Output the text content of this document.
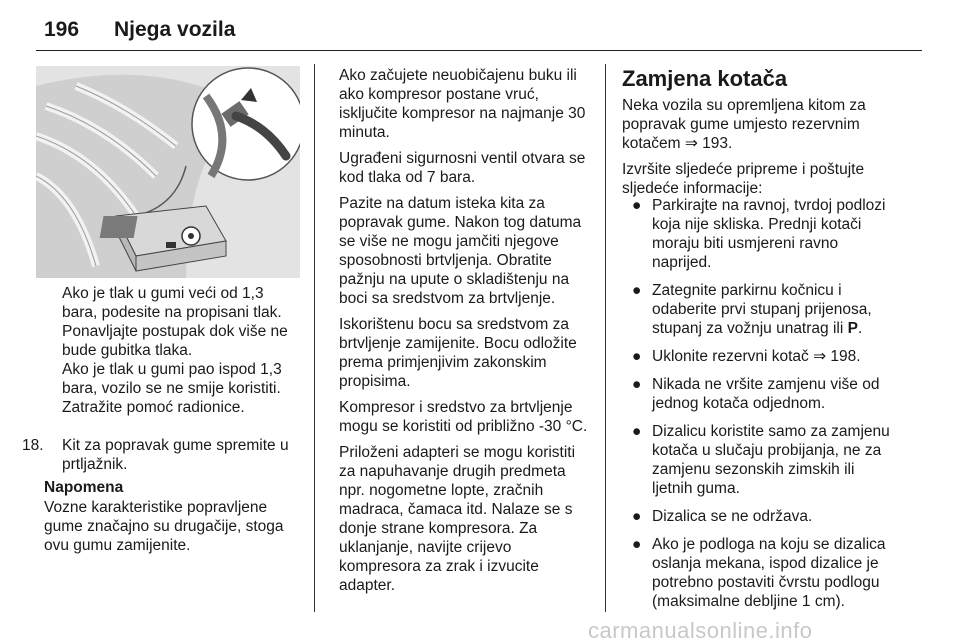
196 Njega vozila
Ako je tlak u gumi veći od 1,3 bara, podesite na propisani tlak. Ponavljajte postupak dok više ne bude gubitka tlaka.
Ako je tlak u gumi pao ispod 1,3 bara, vozilo se ne smije koristiti. Zatražite pomoć radionice.
18. Kit za popravak gume spremite u prtljažnik.
Napomena
Vozne karakteristike popravljene gume značajno su drugačije, stoga ovu gumu zamijenite.

Ako začujete neuobičajenu buku ili ako kompresor postane vruć, isključite kompresor na najmanje 30 minuta.

Ugrađeni sigurnosni ventil otvara se kod tlaka od 7 bara.

Pazite na datum isteka kita za popravak gume. Nakon tog datuma se više ne mogu jamčiti njegove sposobnosti brtvljenja. Obratite pažnju na upute o skladištenju na boci sa sredstvom za brtvljenje.

Iskorištenu bocu sa sredstvom za brtvljenje zamijenite. Bocu odložite prema primjenjivim zakonskim propisima.

Kompresor i sredstvo za brtvljenje mogu se koristiti od približno -30 °C.

Priloženi adapteri se mogu koristiti za napuhavanje drugih predmeta npr. nogometne lopte, zračnih madraca, čamaca itd. Nalaze se s donje strane kompresora. Za uklanjanje, navijte crijevo kompresora za zrak i izvucite adapter.

Zamjena kotača

Neka vozila su opremljena kitom za popravak gume umjesto rezervnim kotačem ⇒ 193.

Izvršite sljedeće pripreme i poštujte sljedeće informacije:

● Parkirajte na ravnoj, tvrdoj podlozi koja nije skliska. Prednji kotači moraju biti usmjereni ravno naprijed.
● Zategnite parkirnu kočnicu i odaberite prvi stupanj prijenosa, stupanj za vožnju unatrag ili P.
● Uklonite rezervni kotač ⇒ 198.
● Nikada ne vršite zamjenu više od jednog kotača odjednom.
● Dizalicu koristite samo za zamjenu kotača u slučaju probijanja, ne za zamjenu sezonskih zimskih ili ljetnih guma.
● Dizalica se ne održava.
● Ako je podloga na koju se dizalica oslanja mekana, ispod dizalice je potrebno postaviti čvrstu podlogu (maksimalne debljine 1 cm).
carmanualsonline.info
